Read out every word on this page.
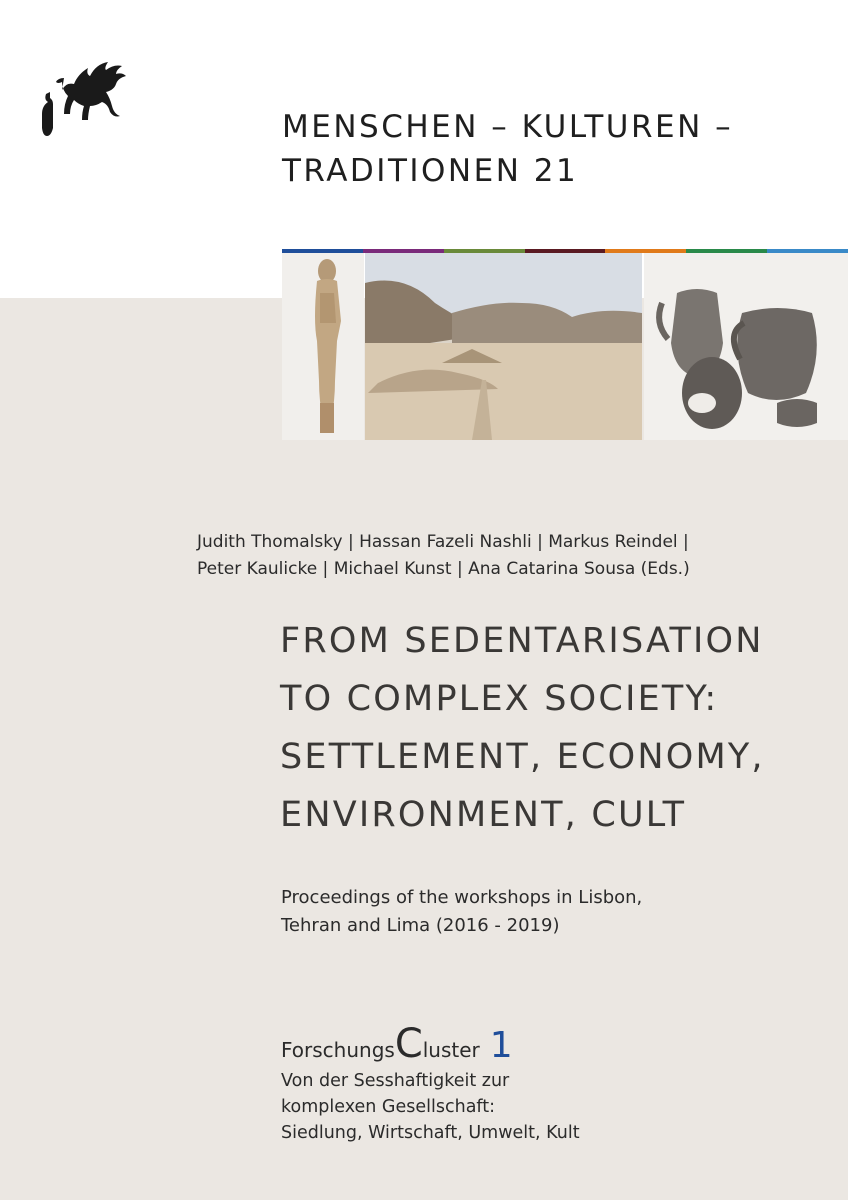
MENSCHEN – KULTUREN –
TRADITIONEN 21
Judith Thomalsky | Hassan Fazeli Nashli | Markus Reindel |
Peter Kaulicke | Michael Kunst | Ana Catarina Sousa (Eds.)
FROM SEDENTARISATION
TO COMPLEX SOCIETY:
SETTLEMENT, ECONOMY,
ENVIRONMENT, CULT
Proceedings of the workshops in Lisbon,
Tehran and Lima (2016 - 2019)
Forschungs C luster 1
Von der Sesshaftigkeit zur
komplexen Gesellschaft:
Siedlung, Wirtschaft, Umwelt, Kult
